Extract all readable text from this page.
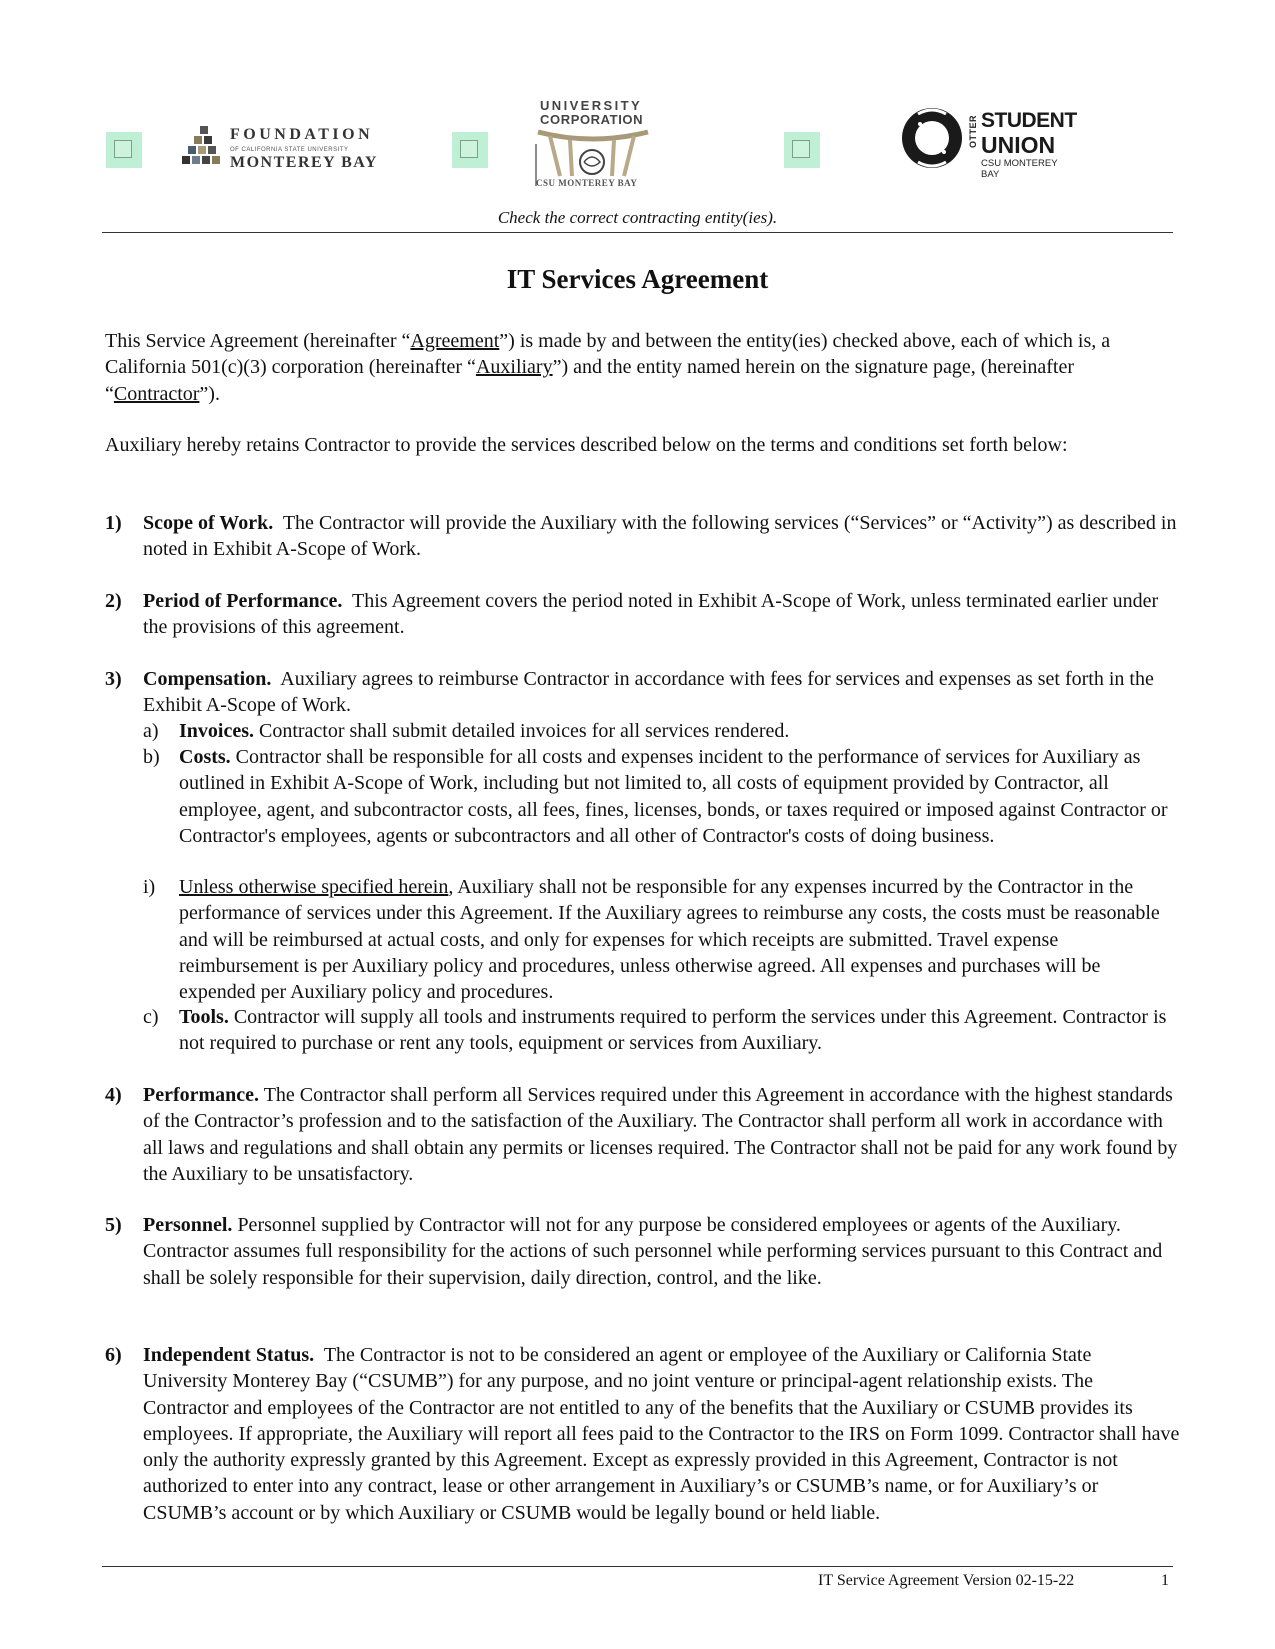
FOUNDATION
OF CALIFORNIA STATE UNIVERSITY
MONTEREY BAY
UNIVERSITY
CORPORATION
CSU MONTEREY BAY
OTTER STUDENT
UNION
CSU MONTEREY BAY
Check the correct contracting entity(ies).
IT Services Agreement
This Service Agreement (hereinafter “Agreement”) is made by and between the entity(ies) checked above, each of which is, a California 501(c)(3) corporation (hereinafter “Auxiliary”) and the entity named herein on the signature page, (hereinafter “Contractor”).
Auxiliary hereby retains Contractor to provide the services described below on the terms and conditions set forth below:
1) Scope of Work. The Contractor will provide the Auxiliary with the following services (“Services” or “Activity”) as described in noted in Exhibit A-Scope of Work.
2) Period of Performance. This Agreement covers the period noted in Exhibit A-Scope of Work, unless terminated earlier under the provisions of this agreement.
3) Compensation. Auxiliary agrees to reimburse Contractor in accordance with fees for services and expenses as set forth in the Exhibit A-Scope of Work.
a) Invoices. Contractor shall submit detailed invoices for all services rendered.
b) Costs. Contractor shall be responsible for all costs and expenses incident to the performance of services for Auxiliary as outlined in Exhibit A-Scope of Work, including but not limited to, all costs of equipment provided by Contractor, all employee, agent, and subcontractor costs, all fees, fines, licenses, bonds, or taxes required or imposed against Contractor or Contractor's employees, agents or subcontractors and all other of Contractor's costs of doing business.
i) Unless otherwise specified herein, Auxiliary shall not be responsible for any expenses incurred by the Contractor in the performance of services under this Agreement. If the Auxiliary agrees to reimburse any costs, the costs must be reasonable and will be reimbursed at actual costs, and only for expenses for which receipts are submitted. Travel expense reimbursement is per Auxiliary policy and procedures, unless otherwise agreed. All expenses and purchases will be expended per Auxiliary policy and procedures.
c) Tools. Contractor will supply all tools and instruments required to perform the services under this Agreement. Contractor is not required to purchase or rent any tools, equipment or services from Auxiliary.
4) Performance. The Contractor shall perform all Services required under this Agreement in accordance with the highest standards of the Contractor’s profession and to the satisfaction of the Auxiliary. The Contractor shall perform all work in accordance with all laws and regulations and shall obtain any permits or licenses required. The Contractor shall not be paid for any work found by the Auxiliary to be unsatisfactory.
5) Personnel. Personnel supplied by Contractor will not for any purpose be considered employees or agents of the Auxiliary. Contractor assumes full responsibility for the actions of such personnel while performing services pursuant to this Contract and shall be solely responsible for their supervision, daily direction, control, and the like.
6) Independent Status. The Contractor is not to be considered an agent or employee of the Auxiliary or California State University Monterey Bay (“CSUMB”) for any purpose, and no joint venture or principal-agent relationship exists. The Contractor and employees of the Contractor are not entitled to any of the benefits that the Auxiliary or CSUMB provides its employees. If appropriate, the Auxiliary will report all fees paid to the Contractor to the IRS on Form 1099. Contractor shall have only the authority expressly granted by this Agreement. Except as expressly provided in this Agreement, Contractor is not authorized to enter into any contract, lease or other arrangement in Auxiliary’s or CSUMB’s name, or for Auxiliary’s or CSUMB’s account or by which Auxiliary or CSUMB would be legally bound or held liable.
IT Service Agreement Version 02-15-22	1
